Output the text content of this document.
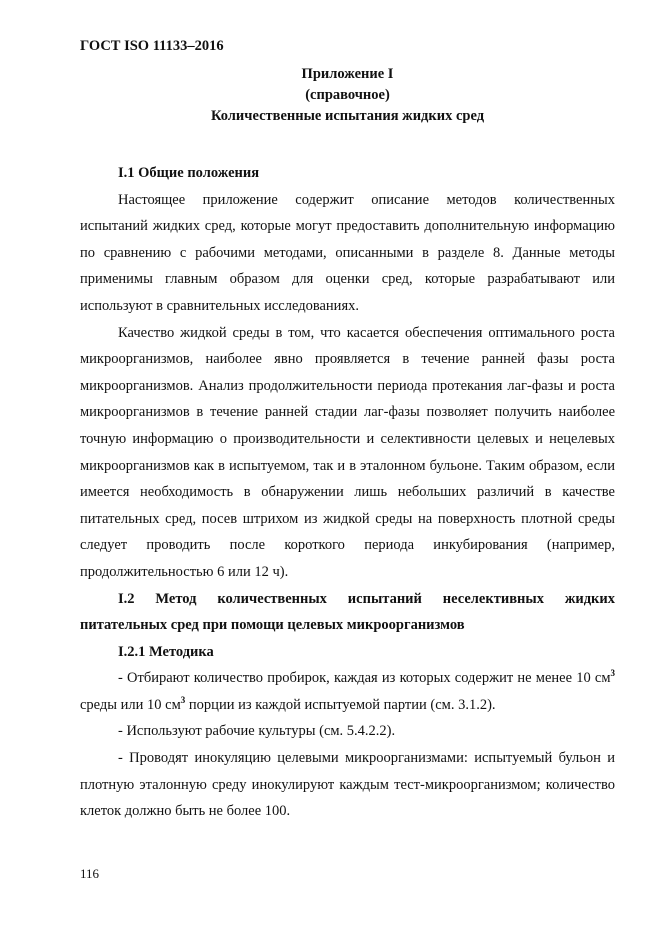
ГОСТ ISO 11133–2016

Приложение I
(справочное)
Количественные испытания жидких сред
I.1 Общие положения

Настоящее приложение содержит описание методов количественных испытаний жидких сред, которые могут предоставить дополнительную информацию по сравнению с рабочими методами, описанными в разделе 8. Данные методы применимы главным образом для оценки сред, которые разрабатывают или используют в сравнительных исследованиях.

Качество жидкой среды в том, что касается обеспечения оптимального роста микроорганизмов, наиболее явно проявляется в течение ранней фазы роста микроорганизмов. Анализ продолжительности периода протекания лаг-фазы и роста микроорганизмов в течение ранней стадии лаг-фазы позволяет получить наиболее точную информацию о производительности и селективности целевых и нецелевых микроорганизмов как в испытуемом, так и в эталонном бульоне. Таким образом, если имеется необходимость в обнаружении лишь небольших различий в качестве питательных сред, посев штрихом из жидкой среды на поверхность плотной среды следует проводить после короткого периода инкубирования (например, продолжительностью 6 или 12 ч).

I.2 Метод количественных испытаний неселективных жидких питательных сред при помощи целевых микроорганизмов
I.2.1 Методика

- Отбирают количество пробирок, каждая из которых содержит не менее 10 $см^3$ среды или 10 $см^3$ порции из каждой испытуемой партии (см. 3.1.2).

- Используют рабочие культуры (см. 5.4.2.2).

- Проводят инокуляцию целевыми микроорганизмами: испытуемый бульон и плотную эталонную среду инокулируют каждым тест-микроорганизмом; количество клеток должно быть не более 100.

116
